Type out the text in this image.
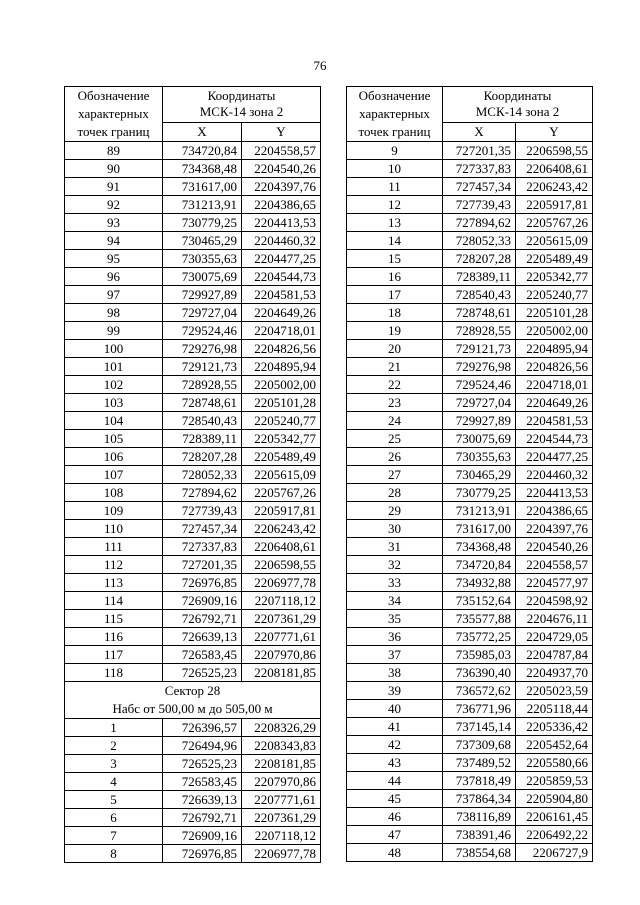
76
Обозначение характерных точек границ	Координаты
МСК-14 зона 2	

	X	Y
89	734720,84	2204558,57
90	734368,48	2204540,26
91	731617,00	2204397,76
92	731213,91	2204386,65
93	730779,25	2204413,53
94	730465,29	2204460,32
95	730355,63	2204477,25
96	730075,69	2204544,73
97	729927,89	2204581,53
98	729727,04	2204649,26
99	729524,46	2204718,01
100	729276,98	2204826,56
101	729121,73	2204895,94
102	728928,55	2205002,00
103	728748,61	2205101,28
104	728540,43	2205240,77
105	728389,11	2205342,77
106	728207,28	2205489,49
107	728052,33	2205615,09
108	727894,62	2205767,26
109	727739,43	2205917,81
110	727457,34	2206243,42
111	727337,83	2206408,61
112	727201,35	2206598,55
113	726976,85	2206977,78
114	726909,16	2207118,12
115	726792,71	2207361,29
116	726639,13	2207771,61
117	726583,45	2207970,86
118	726525,23	2208181,85

Сектор 28
Набс от 500,00 м до 505,00 м		

1	726396,57	2208326,29
2	726494,96	2208343,83
3	726525,23	2208181,85
4	726583,45	2207970,86
5	726639,13	2207771,61
6	726792,71	2207361,29
7	726909,16	2207118,12
8	726976,85	2206977,78
Обозначение характерных точек границ	Координаты
МСК-14 зона 2	

	X	Y
9	727201,35	2206598,55
10	727337,83	2206408,61
11	727457,34	2206243,42
12	727739,43	2205917,81
13	727894,62	2205767,26
14	728052,33	2205615,09
15	728207,28	2205489,49
16	728389,11	2205342,77
17	728540,43	2205240,77
18	728748,61	2205101,28
19	728928,55	2205002,00
20	729121,73	2204895,94
21	729276,98	2204826,56
22	729524,46	2204718,01
23	729727,04	2204649,26
24	729927,89	2204581,53
25	730075,69	2204544,73
26	730355,63	2204477,25
27	730465,29	2204460,32
28	730779,25	2204413,53
29	731213,91	2204386,65
30	731617,00	2204397,76
31	734368,48	2204540,26
32	734720,84	2204558,57
33	734932,88	2204577,97
34	735152,64	2204598,92
35	735577,88	2204676,11
36	735772,25	2204729,05
37	735985,03	2204787,84
38	736390,40	2204937,70
39	736572,62	2205023,59
40	736771,96	2205118,44
41	737145,14	2205336,42
42	737309,68	2205452,64
43	737489,52	2205580,66
44	737818,49	2205859,53
45	737864,34	2205904,80
46	738116,89	2206161,45
47	738391,46	2206492,22
48	738554,68	2206727,9
